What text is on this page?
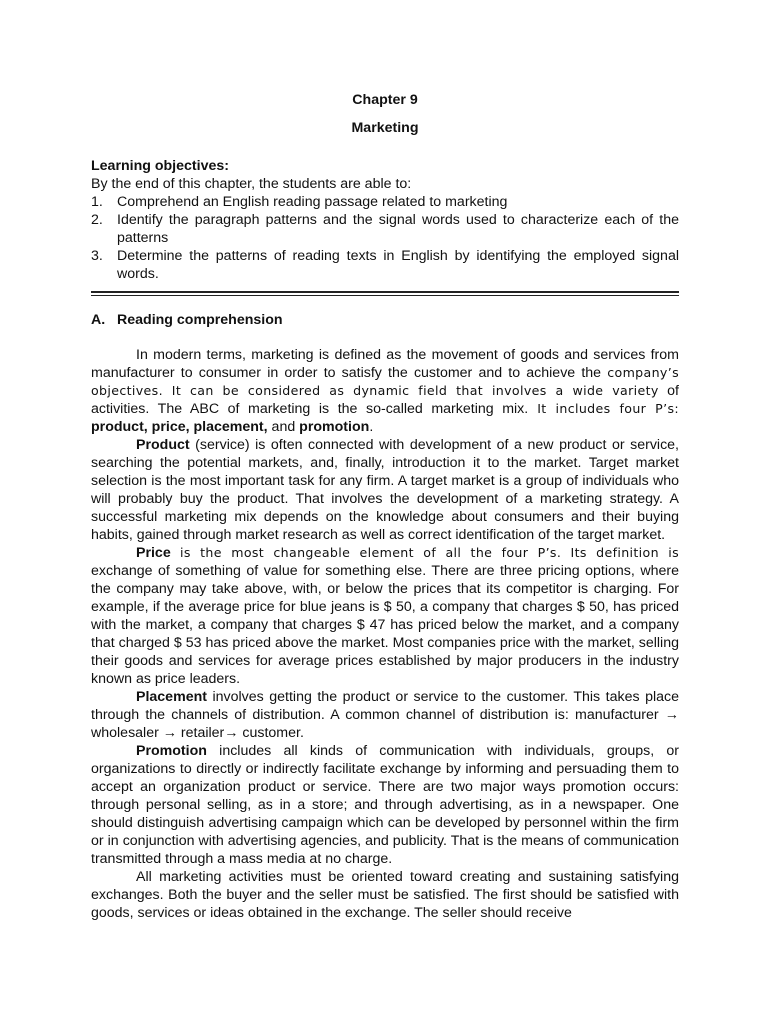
Chapter 9
Marketing
Learning objectives:
By the end of this chapter, the students are able to:
1. Comprehend an English reading passage related to marketing
2. Identify the paragraph patterns and the signal words used to characterize each of the patterns
3. Determine the patterns of reading texts in English by identifying the employed signal words.
A. Reading comprehension

In modern terms, marketing is defined as the movement of goods and services from manufacturer to consumer in order to satisfy the customer and to achieve the company’s objectives. It can be considered as dynamic field that involves a wide variety of activities. The ABC of marketing is the so-called marketing mix. It includes four P’s: product, price, placement, and promotion.

Product (service) is often connected with development of a new product or service, searching the potential markets, and, finally, introduction it to the market. Target market selection is the most important task for any firm. A target market is a group of individuals who will probably buy the product. That involves the development of a marketing strategy. A successful marketing mix depends on the knowledge about consumers and their buying habits, gained through market research as well as correct identification of the target market.

Price is the most changeable element of all the four P’s. Its definition is exchange of something of value for something else. There are three pricing options, where the company may take above, with, or below the prices that its competitor is charging. For example, if the average price for blue jeans is $ 50, a company that charges $ 50, has priced with the market, a company that charges $ 47 has priced below the market, and a company that charged $ 53 has priced above the market. Most companies price with the market, selling their goods and services for average prices established by major producers in the industry known as price leaders.

Placement involves getting the product or service to the customer. This takes place through the channels of distribution. A common channel of distribution is: manufacturer → wholesaler → retailer→ customer.

Promotion includes all kinds of communication with individuals, groups, or organizations to directly or indirectly facilitate exchange by informing and persuading them to accept an organization product or service. There are two major ways promotion occurs: through personal selling, as in a store; and through advertising, as in a newspaper. One should distinguish advertising campaign which can be developed by personnel within the firm or in conjunction with advertising agencies, and publicity. That is the means of communication transmitted through a mass media at no charge.

All marketing activities must be oriented toward creating and sustaining satisfying exchanges. Both the buyer and the seller must be satisfied. The first should be satisfied with goods, services or ideas obtained in the exchange. The seller should receive
